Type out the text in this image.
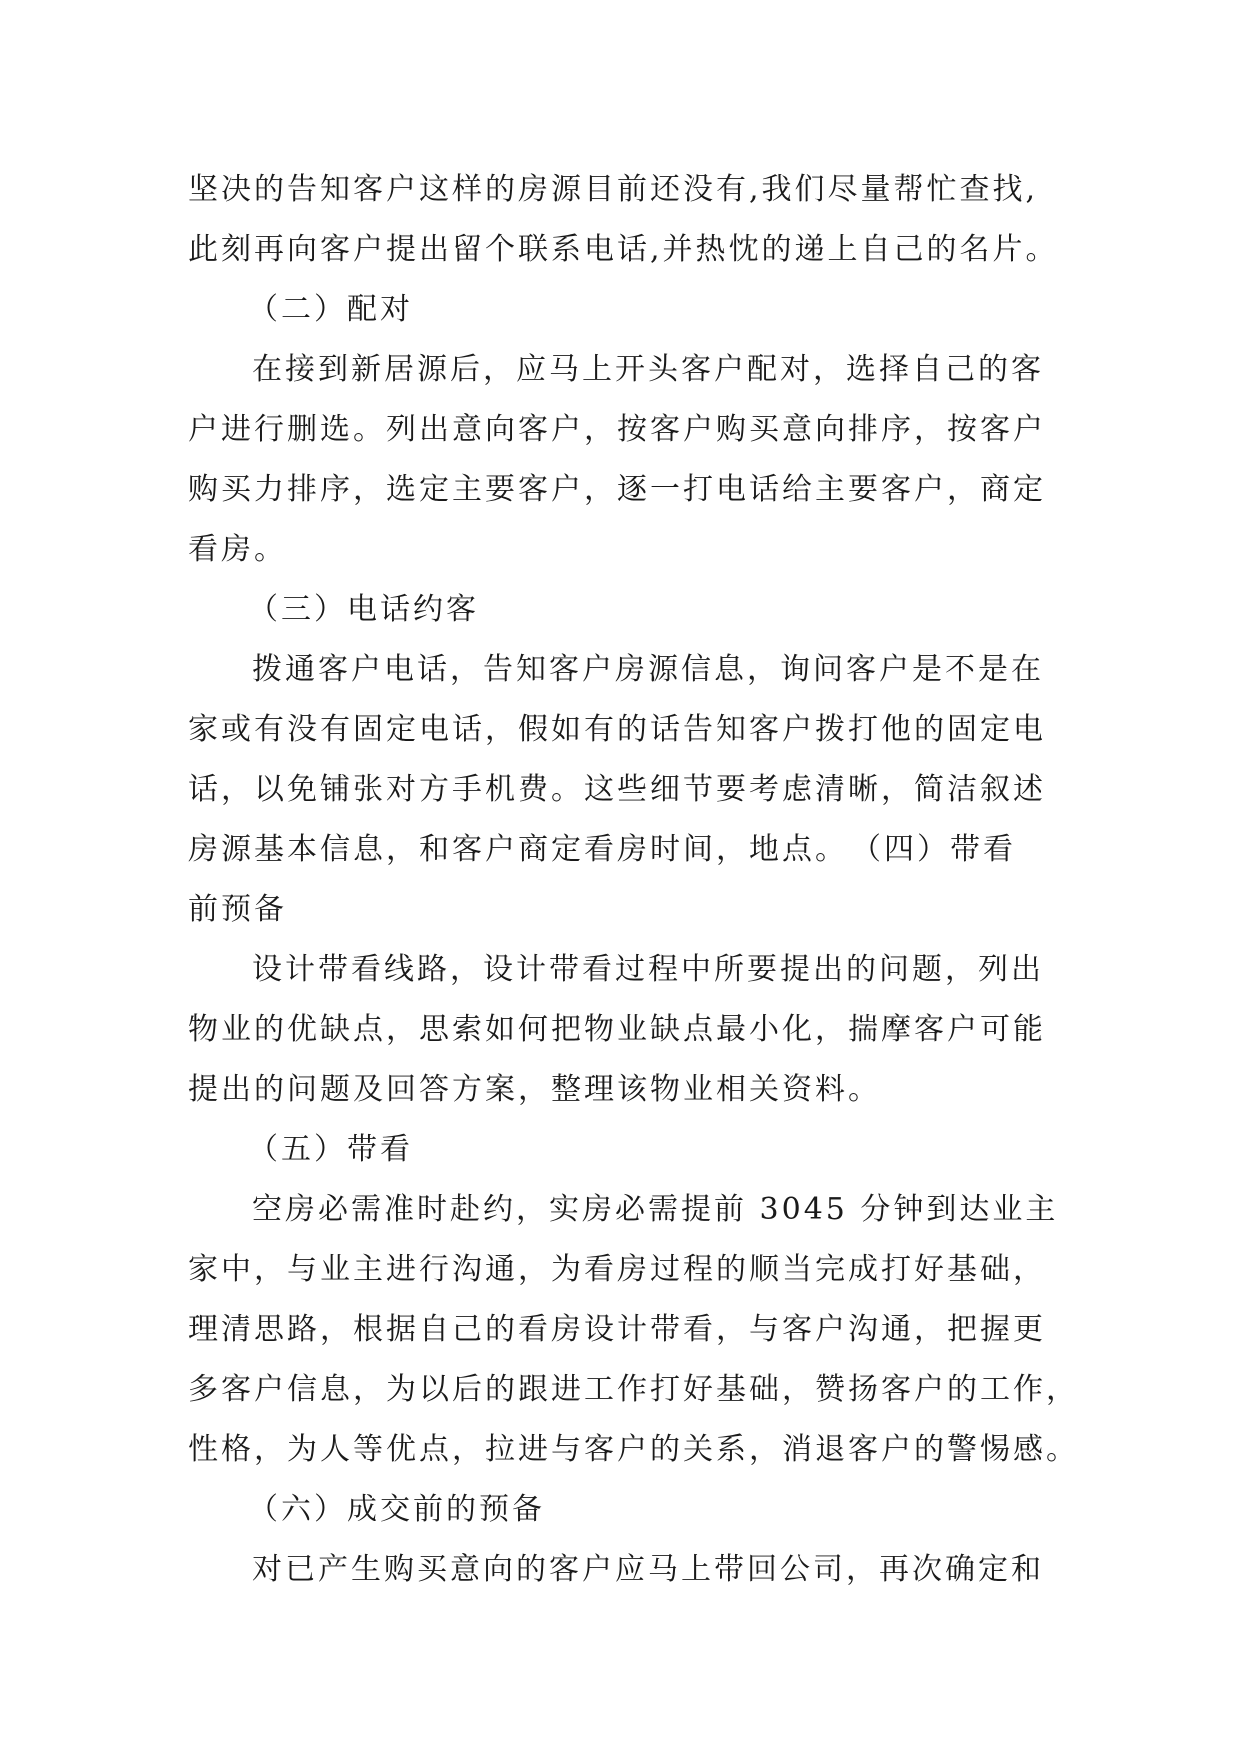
坚决的告知客户这样的房源目前还没有,我们尽量帮忙查找,
此刻再向客户提出留个联系电话,并热忱的递上自己的名片。
（二）配对
在接到新居源后，应马上开头客户配对，选择自己的客
户进行删选。列出意向客户，按客户购买意向排序，按客户
购买力排序，选定主要客户，逐一打电话给主要客户，商定
看房。
（三）电话约客
拨通客户电话，告知客户房源信息，询问客户是不是在
家或有没有固定电话，假如有的话告知客户拨打他的固定电
话，以免铺张对方手机费。这些细节要考虑清晰，简洁叙述
房源基本信息，和客户商定看房时间，地点。　（四）带看
前预备
设计带看线路，设计带看过程中所要提出的问题，列出
物业的优缺点，思索如何把物业缺点最小化，揣摩客户可能
提出的问题及回答方案，整理该物业相关资料。
（五）带看
空房必需准时赴约，实房必需提前 3045 分钟到达业主
家中，与业主进行沟通，为看房过程的顺当完成打好基础，
理清思路，根据自己的看房设计带看，与客户沟通，把握更
多客户信息，为以后的跟进工作打好基础，赞扬客户的工作，
性格，为人等优点，拉进与客户的关系，消退客户的警惕感。
（六）成交前的预备
对已产生购买意向的客户应马上带回公司，再次确定和
